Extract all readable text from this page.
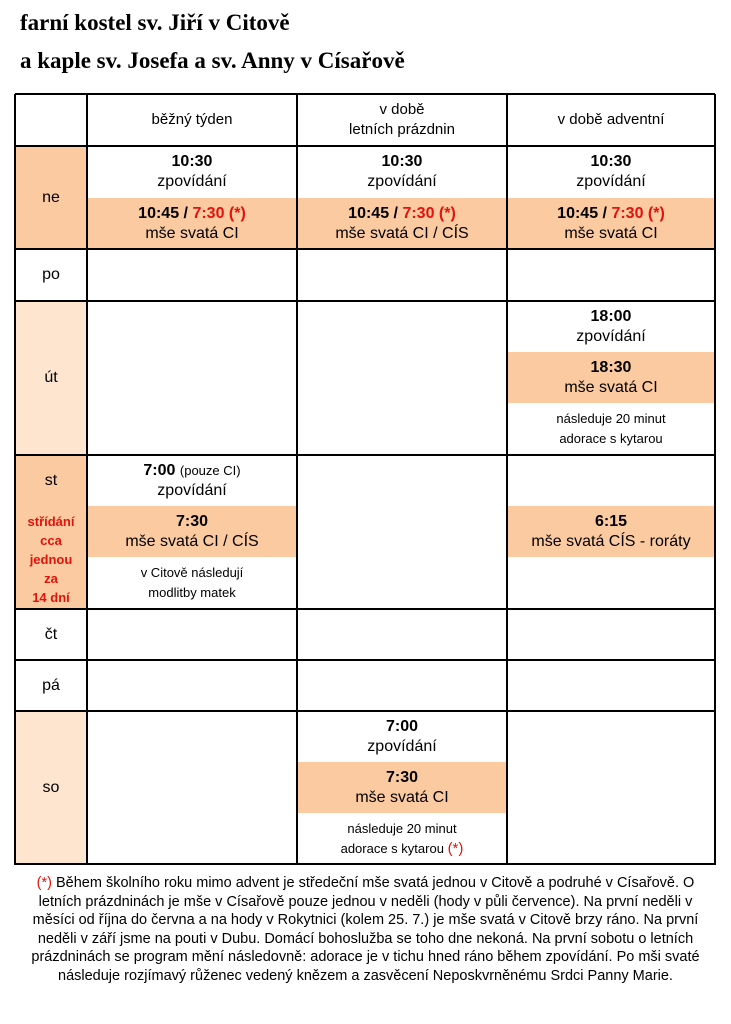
farní kostel sv. Jiří v Citově
a kaple sv. Josefa a sv. Anny v Císařově
běžný týden
v době
letních prázdnin
v době adventní
ne
po
út
st
střídání
cca
jednou
za
14 dní
čt
pá
so
10:30
zpovídání
10:45 / 7:30 (*)
mše svatá CI
10:30
zpovídání
10:45 / 7:30 (*)
mše svatá CI / CÍS
10:30
zpovídání
10:45 / 7:30 (*)
mše svatá CI
18:00
zpovídání
18:30
mše svatá CI
následuje 20 minut
adorace s kytarou
7:00 (pouze CI)
zpovídání
7:30
mše svatá CI / CÍS
v Citově následují
modlitby matek
6:15
mše svatá CÍS - roráty
7:00
zpovídání
7:30
mše svatá CI
následuje 20 minut
adorace s kytarou (*)
(*) Během školního roku mimo advent je středeční mše svatá jednou v Citově a podruhé v Císařově. O letních prázdninách je mše v Císařově pouze jednou v neděli (hody v půli července). Na první neděli v měsíci od října do června a na hody v Rokytnici (kolem 25. 7.) je mše svatá v Citově brzy ráno. Na první neděli v září jsme na pouti v Dubu. Domácí bohoslužba se toho dne nekoná. Na první sobotu o letních prázdninách se program mění následovně: adorace je v tichu hned ráno během zpovídání. Po mši svaté následuje rozjímavý růženec vedený knězem a zasvěcení Neposkvrněnému Srdci Panny Marie.
